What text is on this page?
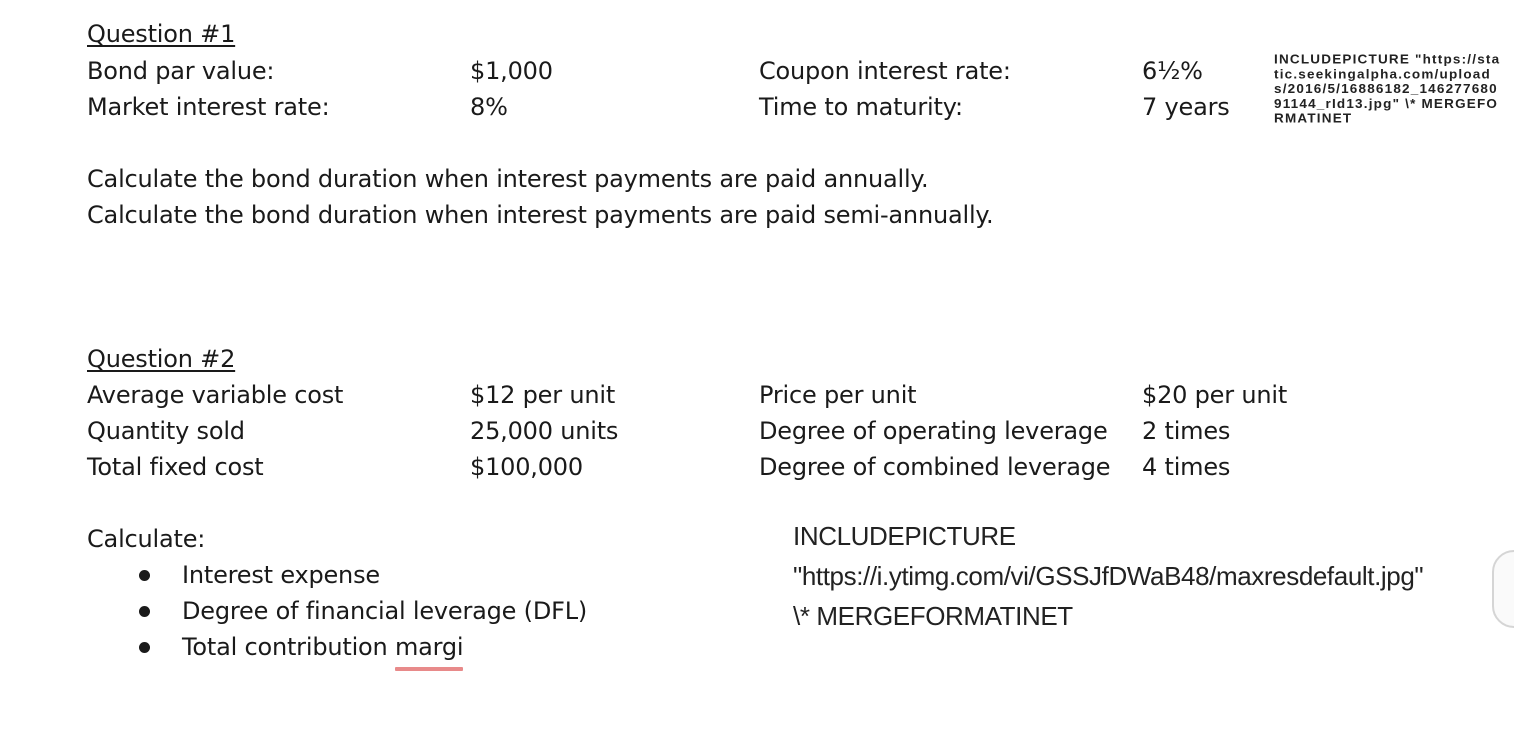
Question #1
Bond par value:	$1,000	Coupon interest rate:	6½%
Market interest rate:	8%	Time to maturity:	7 years
Calculate the bond duration when interest payments are paid annually.
Calculate the bond duration when interest payments are paid semi-annually.
INCLUDEPICTURE "https://static.seekingalpha.com/uploads/2016/5/16886182_14627768091144_rId13.jpg" \* MERGEFORMATINET
Question #2
Average variable cost	$12 per unit	Price per unit	$20 per unit
Quantity sold	25,000 units	Degree of operating leverage 2 times
Total fixed cost	$100,000	Degree of combined leverage 4 times
Calculate:
Interest expense
Degree of financial leverage (DFL)
Total contribution margi
INCLUDEPICTURE "https://i.ytimg.com/vi/GSSJfDWaB48/maxresdefault.jpg" \* MERGEFORMATINET
